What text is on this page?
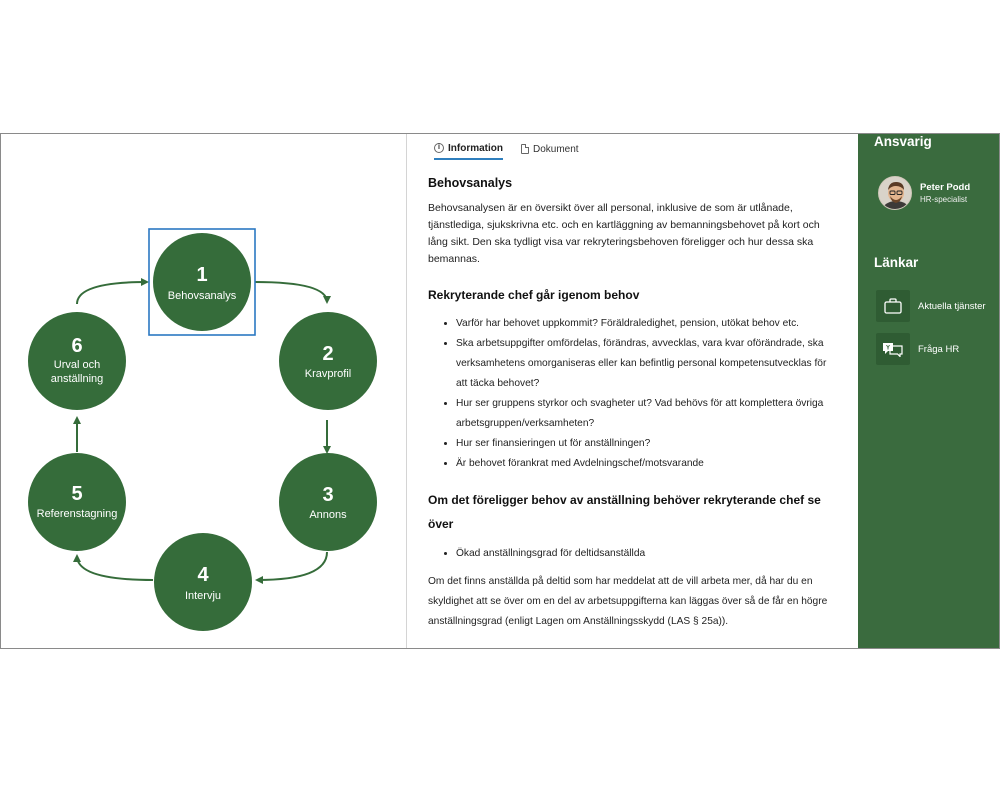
1
Behovsanalys
2
Kravprofil
3
Annons
4
Intervju
5
Referenstagning
6
Urval och
anställning
i
Information	Dokument
Behovsanalys

Behovsanalysen är en översikt över all personal, inklusive de som är utlånade, tjänstlediga, sjukskrivna etc. och en kartläggning av bemanningsbehovet på kort och lång sikt. Den ska tydligt visa var rekryteringsbehoven föreligger och hur dessa ska bemannas.

Rekryterande chef går igenom behov
• Varför har behovet uppkommit? Föräldraledighet, pension, utökat behov etc.
• Ska arbetsuppgifter omfördelas, förändras, avvecklas, vara kvar oförändrade, ska verksamhetens omorganiseras eller kan befintlig personal kompetensutvecklas för att täcka behovet?
• Hur ser gruppens styrkor och svagheter ut? Vad behövs för att komplettera övriga arbetsgruppen/verksamheten?
• Hur ser finansieringen ut för anställningen?
• Är behovet förankrat med Avdelningschef/motsvarande
Om det föreligger behov av anställning behöver rekryterande chef se över
• Ökad anställningsgrad för deltidsanställda

Om det finns anställda på deltid som har meddelat att de vill arbeta mer, då har du en skyldighet att se över om en del av arbetsuppgifterna kan läggas över så de får en högre anställningsgrad (enligt Lagen om Anställningsskydd (LAS § 25a)).

Ansvarig
Peter Podd
HR-specialist
Länkar
Aktuella tjänster
Y	Fråga HR
